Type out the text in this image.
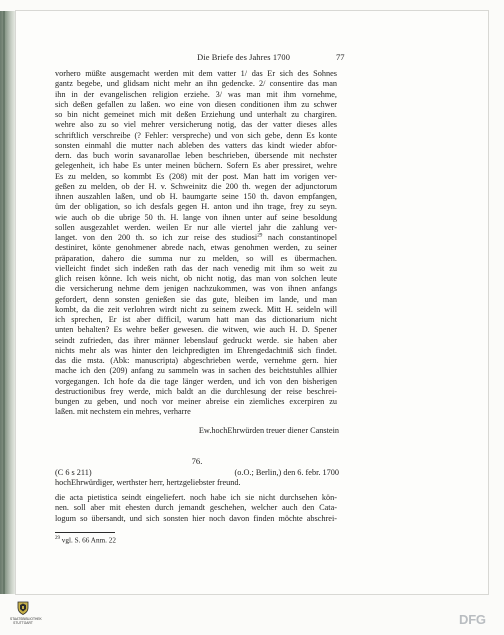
Die Briefe des Jahres 1700	77
vorhero müßte ausgemacht werden mit dem vatter 1/ das Er sich des Sohnes
gantz begebe, und glidsam nicht mehr an ihn gedencke. 2/ consentire das man
ihn in der evangelischen religion erziehe. 3/ was man mit ihm vornehme,
sich deßen gefallen zu laßen. wo eine von diesen conditionen ihm zu schwer
so bin nicht gemeinet mich mit deßen Erziehung und unterhalt zu chargiren.
wehre also zu so viel mehrer versicherung notig, das der vatter dieses alles
schriftlich verschreibe (? Fehler: verspreche) und von sich gebe, denn Es konte
sonsten einmahl die mutter nach ableben des vatters das kindt wieder abfor-
dern. das buch worin savanarollae leben beschrieben, übersende mit nechster
gelegenheit, ich habe Es unter meinen büchern. Sofern Es aber pressiret, wehre
Es zu melden, so kommbt Es (208) mit der post. Man hatt im vorigen ver-
geßen zu melden, ob der H. v. Schweinitz die 200 th. wegen der adjunctorum
ihnen auszahlen laßen, und ob H. baumgarte seine 150 th. davon empfangen,
üm der obligation, so ich desfals gegen H. anton und ihn trage, frey zu seyn.
wie auch ob die ubrige 50 th. H. lange von ihnen unter auf seine besoldung
sollen ausgezahlet werden. weilen Er nur alle viertel jahr die zahlung ver-
langet. von den 200 th. so ich zur reise des studiosi$^{29}$ nach constantinopel
destiniret, könte genohmener abrede nach, etwas genohmen werden, zu seiner
präparation, dahero die summa nur zu melden, so will es übermachen.
vielleicht findet sich indeßen rath das der nach venedig mit ihm so weit zu
glich reisen könne. Ich weis nicht, ob nicht notig, das man von solchen leute
die versicherung nehme dem jenigen nachzukommen, was von ihnen anfangs
gefordert, denn sonsten genießen sie das gute, bleiben im lande, und man
kombt, da die zeit verlohren wirdt nicht zu seinem zweck. Mitt H. seideln will
ich sprechen, Er ist aber difficil, warum hatt man das dictionarium nicht
unten behalten? Es wehre beßer gewesen. die witwen, wie auch H. D. Spener
seindt zufrieden, das ihrer männer lebenslauf gedruckt werde. sie haben aber
nichts mehr als was hinter den leichpredigten im Ehrengedachtniß sich findet.
das die msta. (Abk: manuscripta) abgeschrieben werde, vernehme gern. hier
mache ich den (209) anfang zu sammeln was in sachen des beichtstuhles allhier
vorgegangen. Ich hofe da die tage länger werden, und ich von den bisherigen
destructionibus frey werde, mich baldt an die durchlesung der reise beschrei-
bungen zu geben, und noch vor meiner abreise ein ziemliches excerpiren zu
laßen. mit nechstem ein mehres, verharre
Ew.hochEhrwürden treuer diener Canstein
76.
(C 6 s 211)	(o.O.; Berlin,) den 6. febr. 1700
hochEhrwürdiger, werthster herr, hertzgeliebster freund.
die acta pietistica seindt eingeliefert. noch habe ich sie nicht durchsehen kön-
nen. soll aber mit ehesten durch jemandt geschehen, welcher auch den Cata-
logum so übersandt, und sich sonsten hier noch davon finden möchte abschrei-
$^{29}$ vgl. S. 66 Anm. 22
STAATSBIBLIOTHEK STUTTGART	DFG
